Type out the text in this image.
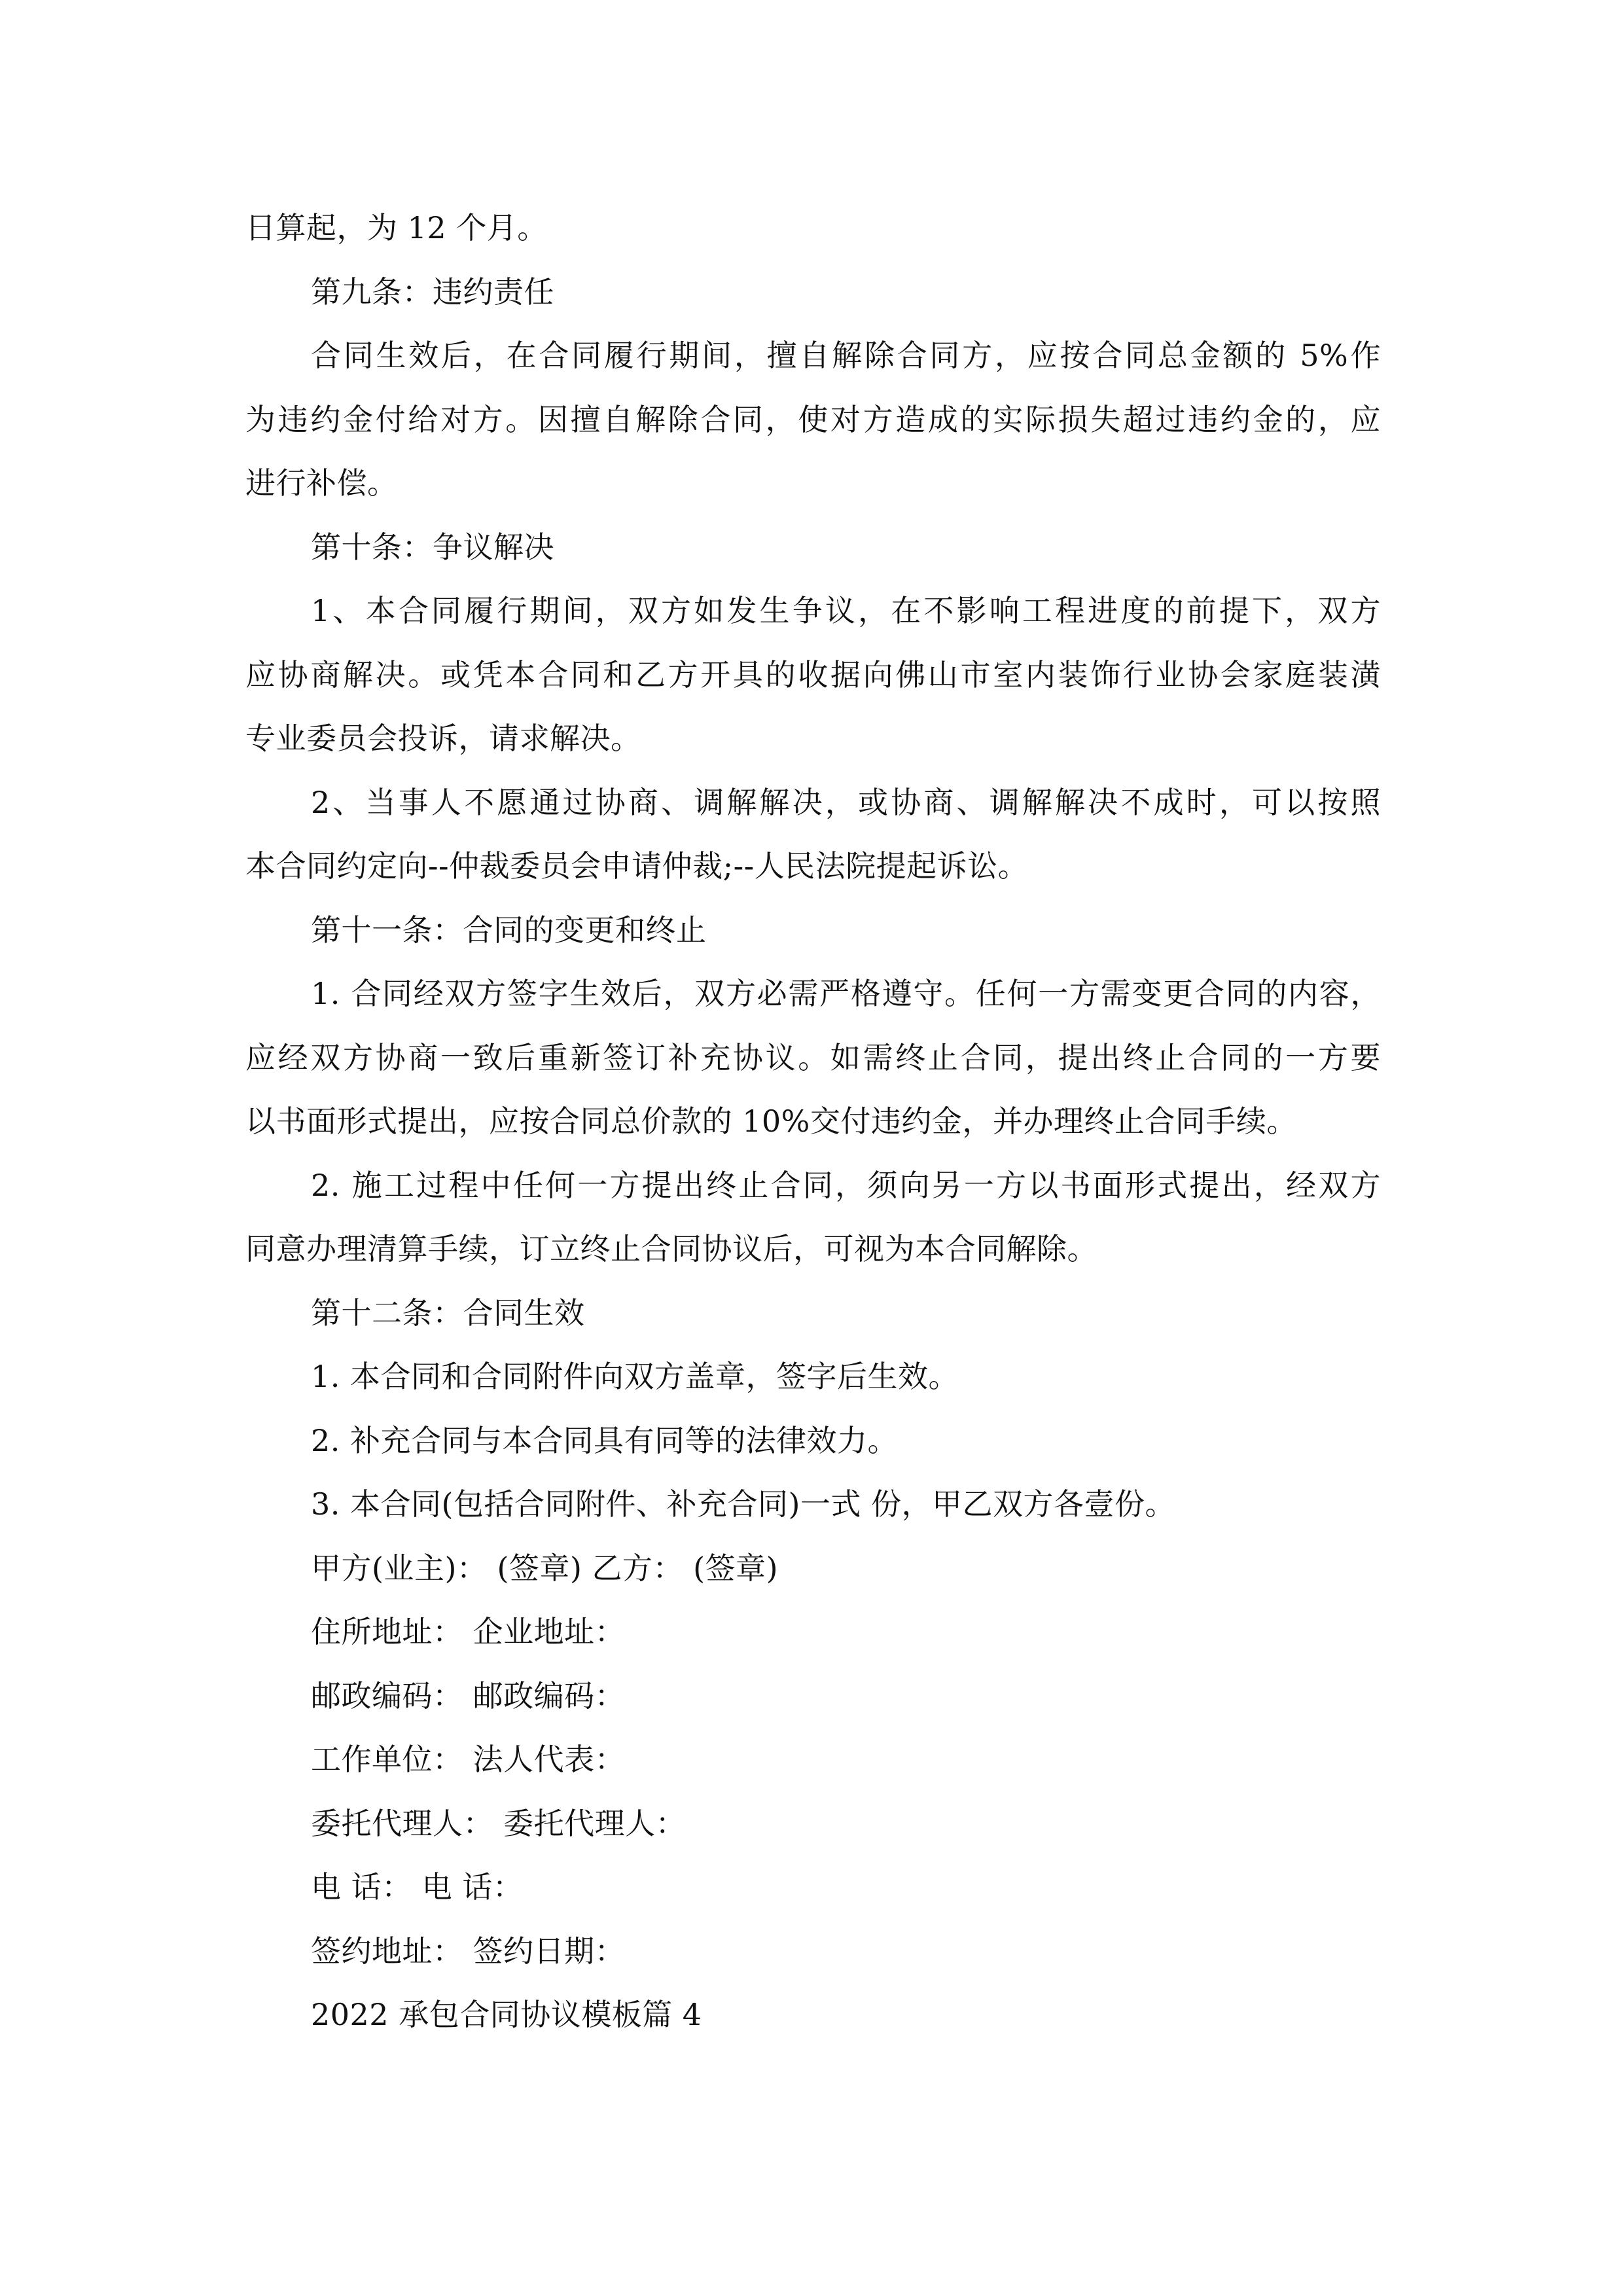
日算起，为 12 个月。
第九条：违约责任
合同生效后，在合同履行期间，擅自解除合同方，应按合同总金额的 5%作
为违约金付给对方。因擅自解除合同，使对方造成的实际损失超过违约金的，应
进行补偿。
第十条：争议解决
1、本合同履行期间，双方如发生争议，在不影响工程进度的前提下，双方
应协商解决。或凭本合同和乙方开具的收据向佛山市室内装饰行业协会家庭装潢
专业委员会投诉，请求解决。
2、当事人不愿通过协商、调解解决，或协商、调解解决不成时，可以按照
本合同约定向--仲裁委员会申请仲裁;--人民法院提起诉讼。
第十一条：合同的变更和终止
1. 合同经双方签字生效后，双方必需严格遵守。任何一方需变更合同的内容，
应经双方协商一致后重新签订补充协议。如需终止合同，提出终止合同的一方要
以书面形式提出，应按合同总价款的 10%交付违约金，并办理终止合同手续。
2. 施工过程中任何一方提出终止合同，须向另一方以书面形式提出，经双方
同意办理清算手续，订立终止合同协议后，可视为本合同解除。
第十二条：合同生效
1. 本合同和合同附件向双方盖章，签字后生效。
2. 补充合同与本合同具有同等的法律效力。
3. 本合同(包括合同附件、补充合同)一式 份，甲乙双方各壹份。
甲方(业主)： (签章) 乙方： (签章)
住所地址： 企业地址：
邮政编码： 邮政编码：
工作单位： 法人代表：
委托代理人： 委托代理人：
电 话： 电 话：
签约地址： 签约日期：
2022 承包合同协议模板篇 4
